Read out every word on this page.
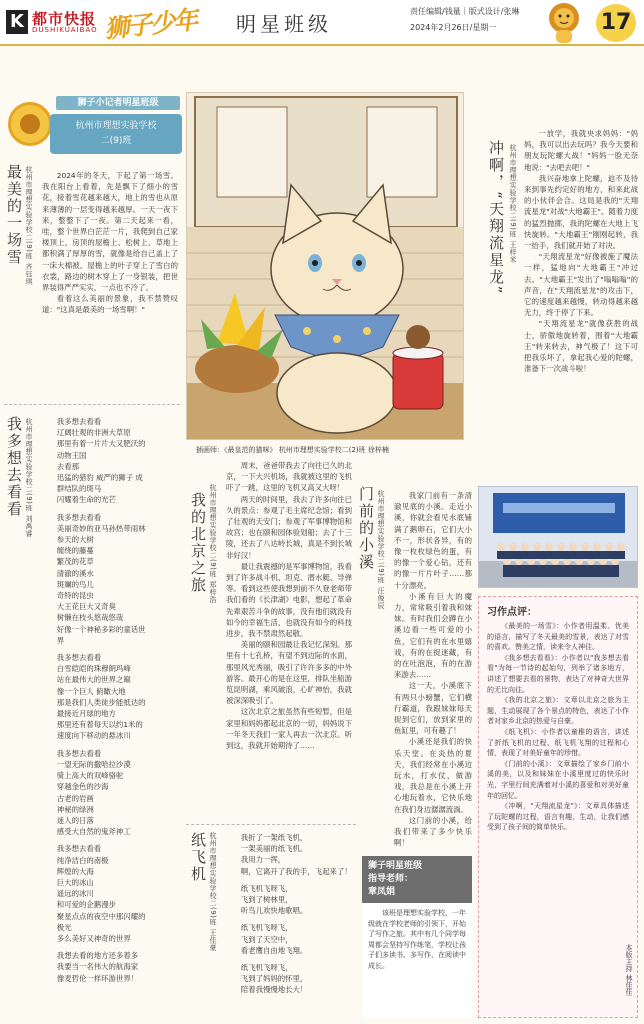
K 都市快报
DUSHIKUAIBAO 狮子少年	明星班级
责任编辑/钱量｜版式设计/张琳
2024年2月26日/星期一	17
狮子小记者明星班级
杭州市理想实验学校
二(9)班
最美的一场雪 杭州市理想实验学校二(9)班 齐钰琪	2024年的冬天，下起了第一场雪。我在阳台上看着，先是飘下了细小的雪花，接着雪花越来越大，地上的雪也从原来薄薄的一层变得越来越厚。一天一夜下来，整整下了一夜。第二天起来一看，哇，整个世界白茫茫一片，我爬到自己家楼顶上，房顶的屋檐上、松树上、草地上都积满了厚厚的雪，就像是给自己盖上了一床大棉被。屋檐上的叶子穿上了雪白的衣裳，路边的树木穿上了一身银装，把世界装得严严实实，一点也不冷了。

看着这么美丽的景象，我不禁赞叹道："这真是最美的一场雪啊！"

我多想去看看 杭州市理想实验学校二(9)班 刘禹睿	我多想去看看
辽阔壮观的非洲大草原
那里有着一片片大又肥沃的
动物王国
去看那
迅猛的猎豹 威严的狮子 成
群结队的斑马
闪耀着生命的光芒
我多想去看看
美丽奇妙的亚马孙热带雨林
参天的大树
缠绕的藤蔓
繁茂的花草
清澈的溪水
斑斓的鸟儿
奇特的昆虫
大王花巨大又奇臭
树懒在枝头悠哉悠哉
好像一个神秘多彩的童话世
界
我多想去看看
白雪皑皑的珠穆朗玛峰
站在最伟大的世界之巅
像一个巨人 俯瞰大地
那是我们人类徒步能抵达的
最接近月球的地方
那里还有着每天以约1米的
速度向下移动的悬冰川
我多想去看看
一望无际的撒哈拉沙漠
骑上高大的双峰骆驼
穿越金色的沙海
古老的岩画
神秘的绿洲
迷人的日落
感受大自然的鬼斧神工
我多想去看看
纯净洁白的南极
辉煌的大海
巨大的冰山
遥远的冰川
和可爱的企鹅漫步
聚星点点的夜空中那闪耀的
极光
多么美好又神奇的世界
我想去看的地方还多着多
我要当一名伟大的航海家
像麦哲伦一样环游世界！
插画师：《最皇范的猫咪》 杭州市理想实验学校二(2)班 徐梓楠
冲啊，“天翔流星龙” 杭州市理想实验学校二(9)班 王梓米

一放学，我就央求妈妈："妈妈，我可以出去玩吗？我今天要和朋友玩陀螺大战！"妈妈一脸无奈地说："去吧去吧！"

我兴奋地拿上陀螺，迫不及待来到事先约定好的地方，和来此战的小伙伴会合。这局是我的"天翔流星龙"对战"大地霸王"。随着力度的猛烈抛掷，我的陀螺在大地上飞快旋转。"大地霸王"刚刚起转，我一抬手，我们就开始了对决。

"天翔流星龙"好像被施了魔法一样，猛地向"大地霸王"冲过去。"大地霸王"发出了"嗡嗡嗡"的声音，在"天翔流星龙"的攻击下，它的速度越来越慢，转动得越来越无力，终于停了下来。

"天翔流星龙"就像获胜的战士，骄傲地旋转着，围着"大地霸王"转来转去，神气极了！这下可把我乐坏了，拿起我心爱的陀螺，准备下一次战斗啦！

我的北京之旅 杭州市理想实验学校二(9)班 郑梓浩

周末，爸爸带我去了向往已久的北京，一下大兴机场，我就被这里的飞机吓了一跳，这里的飞机又高又大呀！

两天的时间里，我去了许多向往已久的景点：参观了毛主席纪念馆；看到了壮观的天安门；参观了军事博物馆和故宫；也在颐和园体验划船；去了十三陵，还去了八达岭长城，真是不到长城非好汉！

最让我震撼的是军事博物馆，我看到了许多战斗机、坦克、潜水艇、导弹等。看到这些使我想到前不久登老师带我们看的《长津湖》电影，想起了革命先辈艰苦斗争的故事，没有他们就没有如今的幸福生活，也就没有如今的科技进步，我不禁肃然起敬。

美丽的颐和园最让我记忆深刻。那里有十七孔桥，有望不到边际的水面，那里风光秀丽，吸引了许许多多的中外游客。最开心的是在这里，排队坐船游览昆明湖，乘风破浪，心旷神怡，我就被深深吸引了。

这次北京之旅虽然有些短暂，但是家里和妈妈都起北京的一切，妈妈说下一年冬天我们一家人再去一次北京。听到这，我就开始期待了……

纸飞机 杭州市理想实验学校二(9)班 王佳豪	我折了一架纸飞机，
一架美丽的纸飞机。
我用力一挥，
啊，它离开了我的手，飞起来了！
纸飞机飞呀飞，
飞到了树林里，
听鸟儿欢快地歌唱。
纸飞机飞呀飞，
飞到了天空中，
看老鹰自由地飞翔。
纸飞机飞呀飞，
飞到了妈妈的怀里，
陪着我慢慢地长大！
门前的小溪 杭州市理想实验学校二(9)班 汪俊辰	我家门前有一条清澈见底的小溪。走近小溪，你就会看见水底铺满了鹅卵石，它们大小不一，形状各异，有的像一枚枚绿色的蛋，有的像一个爱心钻，还有的像一片片叶子……都十分漂亮。

小溪有巨大的魔力，常常吸引着我和妹妹。有时我们会蹲在小溪边看一些可爱的小鱼，它们有的在水里嬉戏，有的在捉迷藏，有的在吐泡泡，有的在游来游去……

这一天，小溪底下有两只小螃蟹，它们横行霸道，我跟妹妹每天捉到它们，放到家里的鱼缸里，可有趣了！

小溪还是我们的快乐天堂。在炎热的夏天，我们经常在小溪边玩水，打水仗，做游戏，我总是在小溪上开心地玩着水，它快乐地在我们身边潺潺流淌。

这门前的小溪，给我们带来了多少快乐啊！

习作点评：

《最美的一场雪》：小作者用温柔、优美的语言，描写了冬天最美的雪景，表达了对雪的喜欢。赞美之情，读来令人神往。

《我多想去看看》：小作者以"我多想去看看"为每一节诗的起始句，列举了诸多地方，讲述了想要去看的景物，表达了对神奇大世界的无比向往。

《我的北京之旅》：文章以北京之旅为主题，生动展现了各个景点的特色，表达了小作者对家乡北京的热爱与自豪。

《纸飞机》：小作者以童稚的语言，讲述了折纸飞机的过程、纸飞机飞翔的过程和心情，表现了对美好童年的珍惜。

《门前的小溪》：文章描绘了家乡门前小溪的美，以及和妹妹在小溪里度过的快乐时光，字里行间充满着对小溪的喜爱和对美好童年的回忆。

《冲啊，"天翔流星龙"》：文章具体描述了玩陀螺的过程，语言有趣、生动，让我们感受到了孩子间的简单快乐。

狮子明星班级
指导老师：
章凤娟
该班是理想实验学校，一年级就在学校老师的引领下，开始了写作之旅。其中有几个同学每周都会坚持写作练笔，学校让孩子们多读书、多写作，在阅读中成长。	本版主持 林佳佳
